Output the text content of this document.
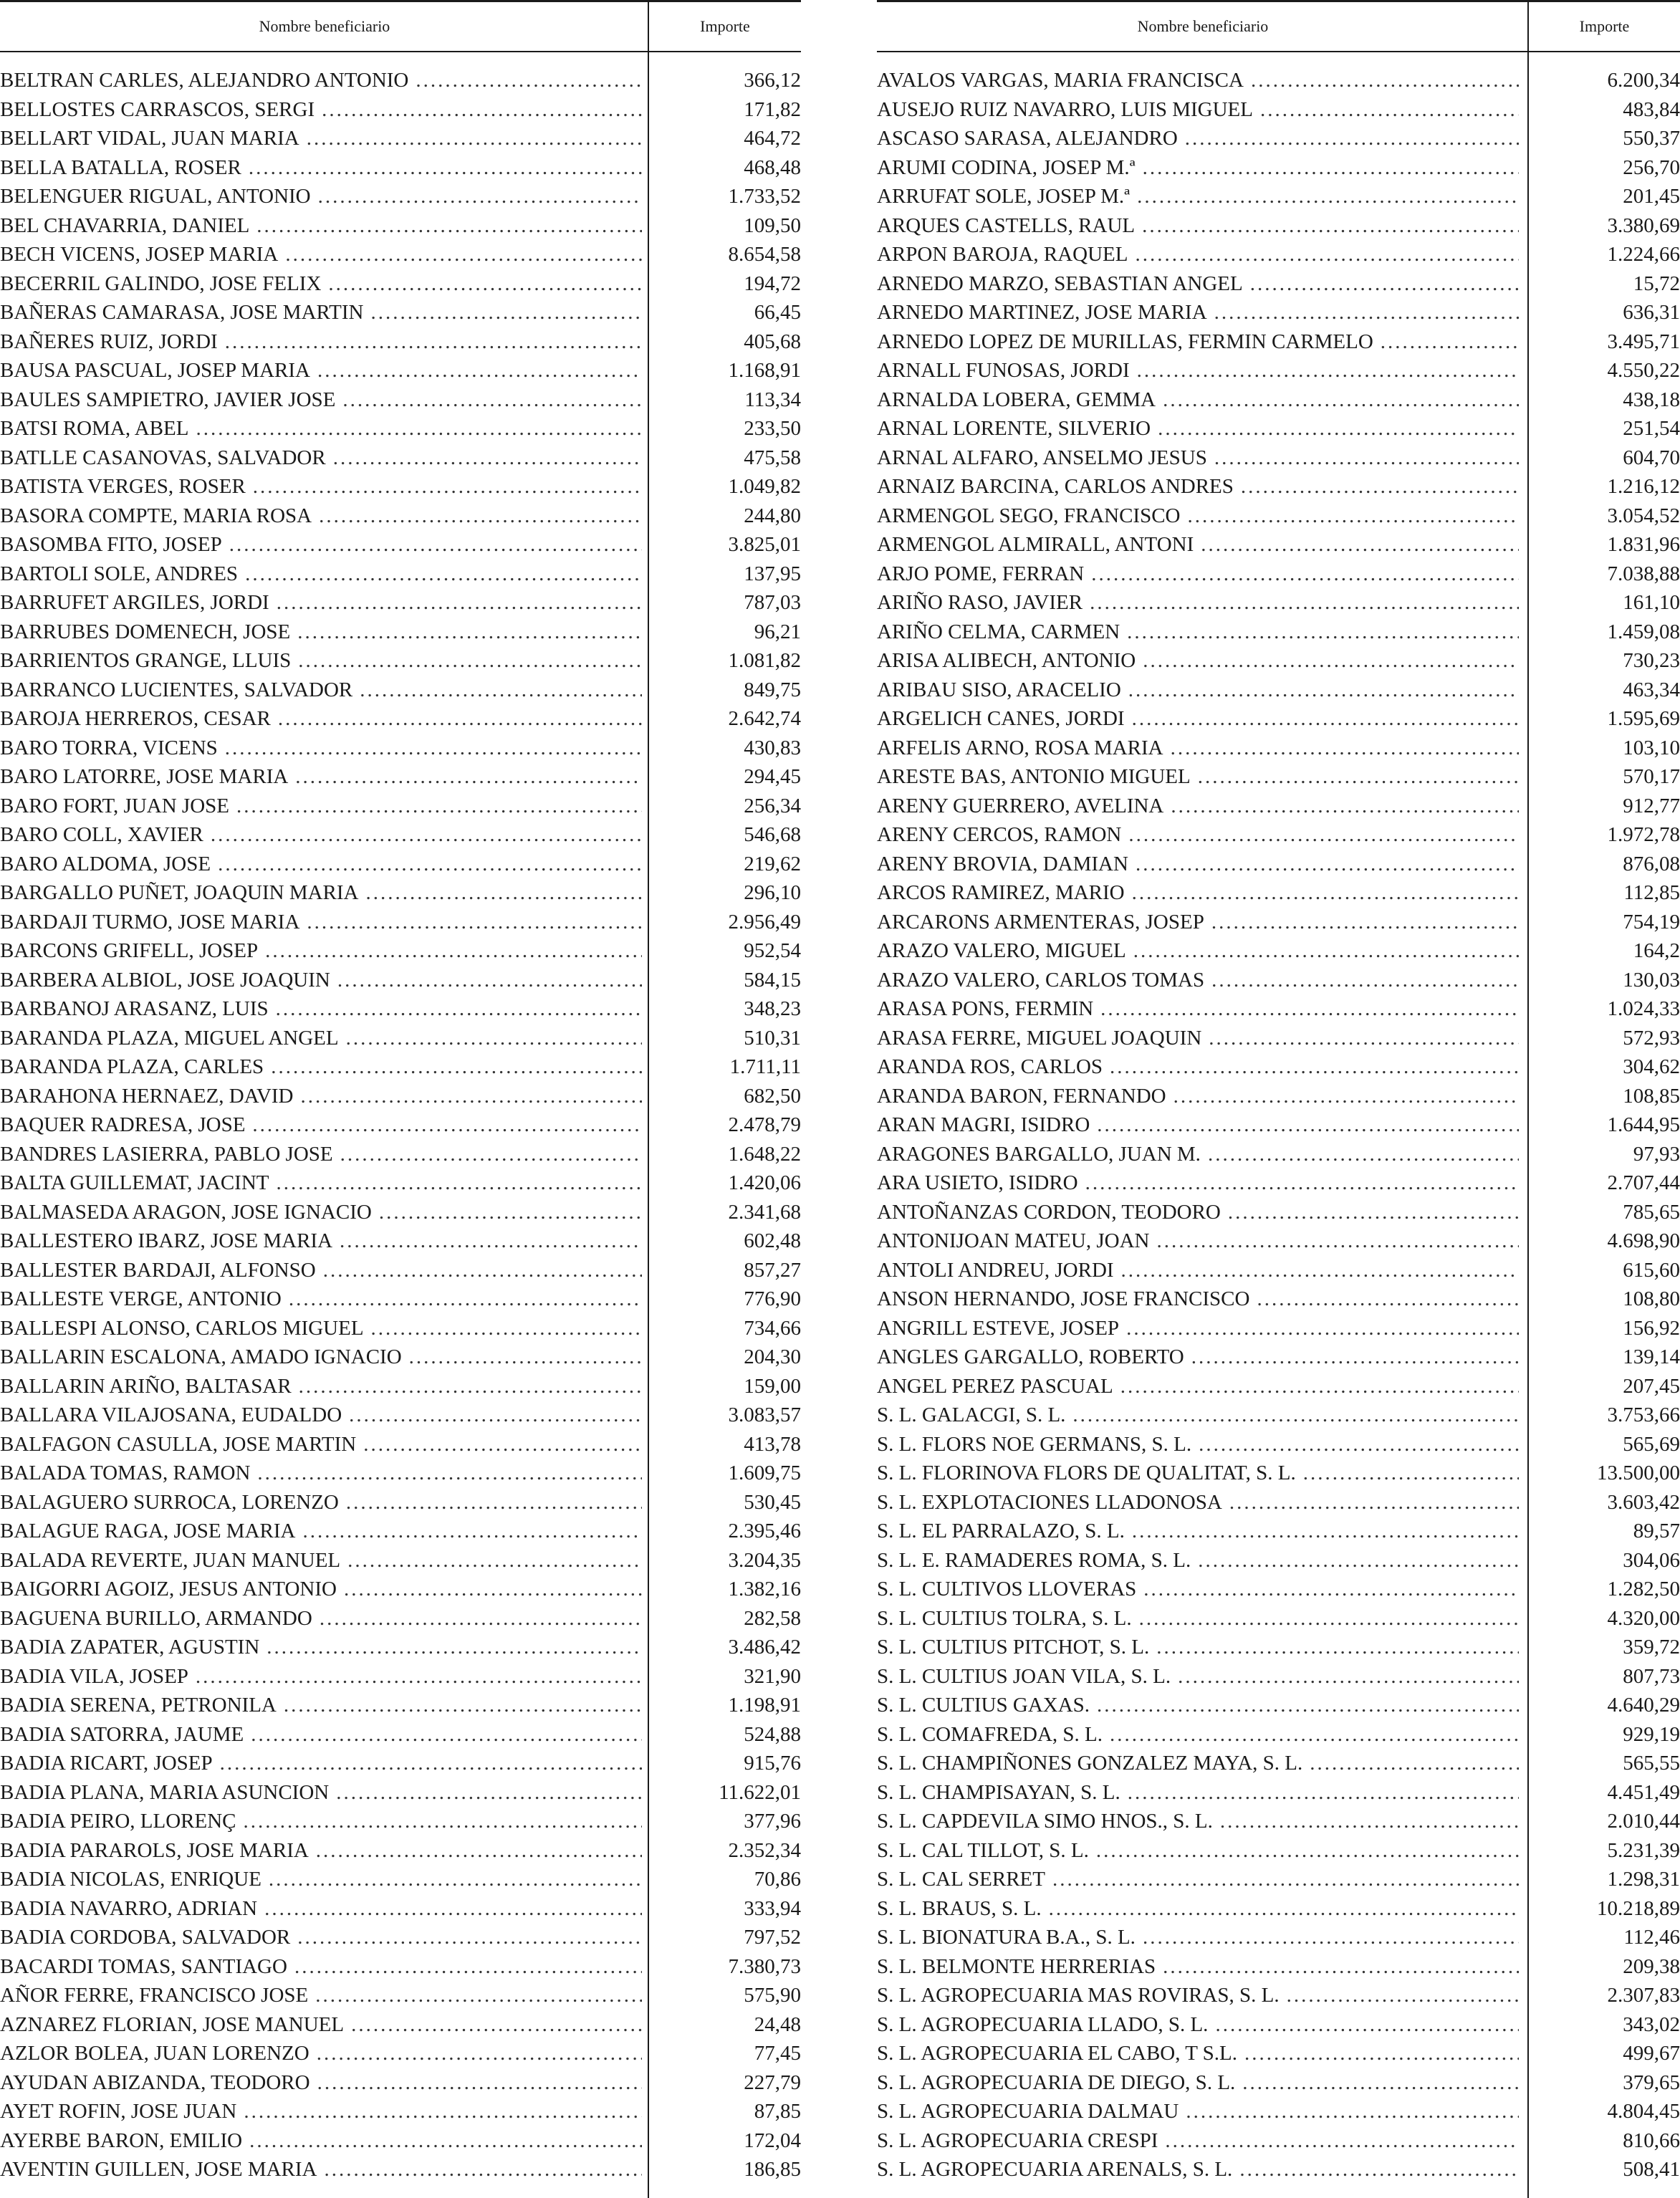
Nombre beneficiario	Importe
BELTRAN CARLES, ALEJANDRO ANTONIO .....	366,12
BELLOSTES CARRASCOS, SERGI .....	171,82
BELLART VIDAL, JUAN MARIA .....	464,72
BELLA BATALLA, ROSER .....	468,48
BELENGUER RIGUAL, ANTONIO .....	1.733,52
BEL CHAVARRIA, DANIEL .....	109,50
BECH VICENS, JOSEP MARIA .....	8.654,58
BECERRIL GALINDO, JOSE FELIX .....	194,72
BAÑERAS CAMARASA, JOSE MARTIN .....	66,45
BAÑERES RUIZ, JORDI .....	405,68
BAUSA PASCUAL, JOSEP MARIA .....	1.168,91
BAULES SAMPIETRO, JAVIER JOSE .....	113,34
BATSI ROMA, ABEL .....	233,50
BATLLE CASANOVAS, SALVADOR .....	475,58
BATISTA VERGES, ROSER .....	1.049,82
BASORA COMPTE, MARIA ROSA .....	244,80
BASOMBA FITO, JOSEP .....	3.825,01
BARTOLI SOLE, ANDRES .....	137,95
BARRUFET ARGILES, JORDI .....	787,03
BARRUBES DOMENECH, JOSE .....	96,21
BARRIENTOS GRANGE, LLUIS .....	1.081,82
BARRANCO LUCIENTES, SALVADOR .....	849,75
BAROJA HERREROS, CESAR .....	2.642,74
BARO TORRA, VICENS .....	430,83
BARO LATORRE, JOSE MARIA .....	294,45
BARO FORT, JUAN JOSE .....	256,34
BARO COLL, XAVIER .....	546,68
BARO ALDOMA, JOSE .....	219,62
BARGALLO PUÑET, JOAQUIN MARIA .....	296,10
BARDAJI TURMO, JOSE MARIA .....	2.956,49
BARCONS GRIFELL, JOSEP .....	952,54
BARBERA ALBIOL, JOSE JOAQUIN .....	584,15
BARBANOJ ARASANZ, LUIS .....	348,23
BARANDA PLAZA, MIGUEL ANGEL .....	510,31
BARANDA PLAZA, CARLES .....	1.711,11
BARAHONA HERNAEZ, DAVID .....	682,50
BAQUER RADRESA, JOSE .....	2.478,79
BANDRES LASIERRA, PABLO JOSE .....	1.648,22
BALTA GUILLEMAT, JACINT .....	1.420,06
BALMASEDA ARAGON, JOSE IGNACIO .....	2.341,68
BALLESTERO IBARZ, JOSE MARIA .....	602,48
BALLESTER BARDAJI, ALFONSO .....	857,27
BALLESTE VERGE, ANTONIO .....	776,90
BALLESPI ALONSO, CARLOS MIGUEL .....	734,66
BALLARIN ESCALONA, AMADO IGNACIO .....	204,30
BALLARIN ARIÑO, BALTASAR .....	159,00
BALLARA VILAJOSANA, EUDALDO .....	3.083,57
BALFAGON CASULLA, JOSE MARTIN .....	413,78
BALADA TOMAS, RAMON .....	1.609,75
BALAGUERO SURROCA, LORENZO .....	530,45
BALAGUE RAGA, JOSE MARIA .....	2.395,46
BALADA REVERTE, JUAN MANUEL .....	3.204,35
BAIGORRI AGOIZ, JESUS ANTONIO .....	1.382,16
BAGUENA BURILLO, ARMANDO .....	282,58
BADIA ZAPATER, AGUSTIN .....	3.486,42
BADIA VILA, JOSEP .....	321,90
BADIA SERENA, PETRONILA .....	1.198,91
BADIA SATORRA, JAUME .....	524,88
BADIA RICART, JOSEP .....	915,76
BADIA PLANA, MARIA ASUNCION .....	11.622,01
BADIA PEIRO, LLORENÇ .....	377,96
BADIA PARAROLS, JOSE MARIA .....	2.352,34
BADIA NICOLAS, ENRIQUE .....	70,86
BADIA NAVARRO, ADRIAN .....	333,94
BADIA CORDOBA, SALVADOR .....	797,52
BACARDI TOMAS, SANTIAGO .....	7.380,73
AÑOR FERRE, FRANCISCO JOSE .....	575,90
AZNAREZ FLORIAN, JOSE MANUEL .....	24,48
AZLOR BOLEA, JUAN LORENZO .....	77,45
AYUDAN ABIZANDA, TEODORO .....	227,79
AYET ROFIN, JOSE JUAN .....	87,85
AYERBE BARON, EMILIO .....	172,04
AVENTIN GUILLEN, JOSE MARIA .....	186,85
Nombre beneficiario	Importe
AVALOS VARGAS, MARIA FRANCISCA .....	6.200,34
AUSEJO RUIZ NAVARRO, LUIS MIGUEL .....	483,84
ASCASO SARASA, ALEJANDRO .....	550,37
ARUMI CODINA, JOSEP M.ª .....	256,70
ARRUFAT SOLE, JOSEP M.ª .....	201,45
ARQUES CASTELLS, RAUL .....	3.380,69
ARPON BAROJA, RAQUEL .....	1.224,66
ARNEDO MARZO, SEBASTIAN ANGEL .....	15,72
ARNEDO MARTINEZ, JOSE MARIA .....	636,31
ARNEDO LOPEZ DE MURILLAS, FERMIN CARMELO .....	3.495,71
ARNALL FUNOSAS, JORDI .....	4.550,22
ARNALDA LOBERA, GEMMA .....	438,18
ARNAL LORENTE, SILVERIO .....	251,54
ARNAL ALFARO, ANSELMO JESUS .....	604,70
ARNAIZ BARCINA, CARLOS ANDRES .....	1.216,12
ARMENGOL SEGO, FRANCISCO .....	3.054,52
ARMENGOL ALMIRALL, ANTONI .....	1.831,96
ARJO POME, FERRAN .....	7.038,88
ARIÑO RASO, JAVIER .....	161,10
ARIÑO CELMA, CARMEN .....	1.459,08
ARISA ALIBECH, ANTONIO .....	730,23
ARIBAU SISO, ARACELIO .....	463,34
ARGELICH CANES, JORDI .....	1.595,69
ARFELIS ARNO, ROSA MARIA .....	103,10
ARESTE BAS, ANTONIO MIGUEL .....	570,17
ARENY GUERRERO, AVELINA .....	912,77
ARENY CERCOS, RAMON .....	1.972,78
ARENY BROVIA, DAMIAN .....	876,08
ARCOS RAMIREZ, MARIO .....	112,85
ARCARONS ARMENTERAS, JOSEP .....	754,19
ARAZO VALERO, MIGUEL .....	164,2
ARAZO VALERO, CARLOS TOMAS .....	130,03
ARASA PONS, FERMIN .....	1.024,33
ARASA FERRE, MIGUEL JOAQUIN .....	572,93
ARANDA ROS, CARLOS .....	304,62
ARANDA BARON, FERNANDO .....	108,85
ARAN MAGRI, ISIDRO .....	1.644,95
ARAGONES BARGALLO, JUAN M. .....	97,93
ARA USIETO, ISIDRO .....	2.707,44
ANTOÑANZAS CORDON, TEODORO .....	785,65
ANTONIJOAN MATEU, JOAN .....	4.698,90
ANTOLI ANDREU, JORDI .....	615,60
ANSON HERNANDO, JOSE FRANCISCO .....	108,80
ANGRILL ESTEVE, JOSEP .....	156,92
ANGLES GARGALLO, ROBERTO .....	139,14
ANGEL PEREZ PASCUAL .....	207,45
S. L. GALACGI, S. L. .....	3.753,66
S. L. FLORS NOE GERMANS, S. L. .....	565,69
S. L. FLORINOVA FLORS DE QUALITAT, S. L. .....	13.500,00
S. L. EXPLOTACIONES LLADONOSA .....	3.603,42
S. L. EL PARRALAZO, S. L. .....	89,57
S. L. E. RAMADERES ROMA, S. L. .....	304,06
S. L. CULTIVOS LLOVERAS .....	1.282,50
S. L. CULTIUS TOLRA, S. L. .....	4.320,00
S. L. CULTIUS PITCHOT, S. L. .....	359,72
S. L. CULTIUS JOAN VILA, S. L. .....	807,73
S. L. CULTIUS GAXAS. .....	4.640,29
S. L. COMAFREDA, S. L. .....	929,19
S. L. CHAMPIÑONES GONZALEZ MAYA, S. L. .....	565,55
S. L. CHAMPISAYAN, S. L. .....	4.451,49
S. L. CAPDEVILA SIMO HNOS., S. L. .....	2.010,44
S. L. CAL TILLOT, S. L. .....	5.231,39
S. L. CAL SERRET .....	1.298,31
S. L. BRAUS, S. L. .....	10.218,89
S. L. BIONATURA B.A., S. L. .....	112,46
S. L. BELMONTE HERRERIAS .....	209,38
S. L. AGROPECUARIA MAS ROVIRAS, S. L. .....	2.307,83
S. L. AGROPECUARIA LLADO, S. L. .....	343,02
S. L. AGROPECUARIA EL CABO, T S.L. .....	499,67
S. L. AGROPECUARIA DE DIEGO, S. L. .....	379,65
S. L. AGROPECUARIA DALMAU .....	4.804,45
S. L. AGROPECUARIA CRESPI .....	810,66
S. L. AGROPECUARIA ARENALS, S. L. .....	508,41
